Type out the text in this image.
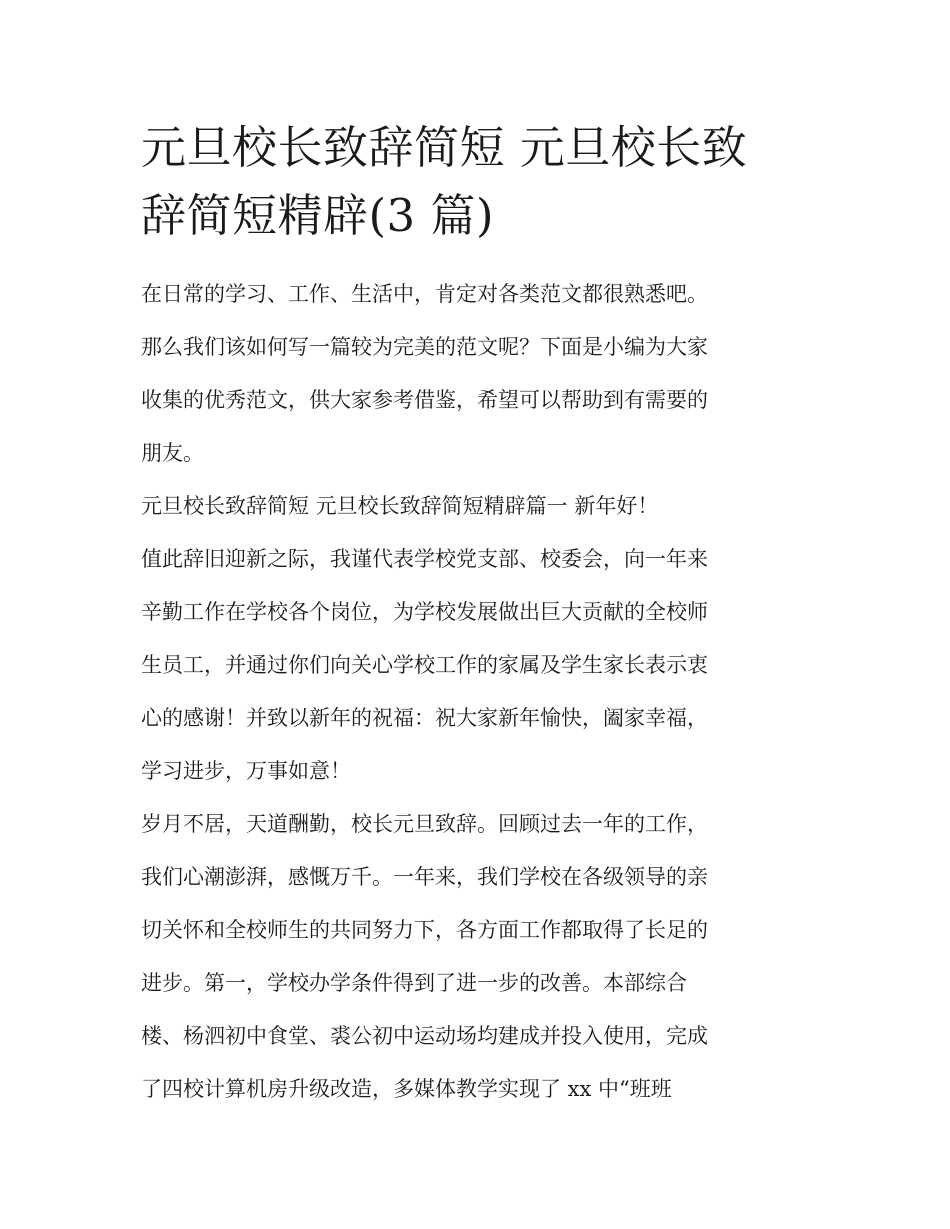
元旦校长致辞简短 元旦校长致
辞简短精辟(3 篇)
在日常的学习、工作、生活中，肯定对各类范文都很熟悉吧。
那么我们该如何写一篇较为完美的范文呢？下面是小编为大家
收集的优秀范文，供大家参考借鉴，希望可以帮助到有需要的
朋友。
元旦校长致辞简短 元旦校长致辞简短精辟篇一 新年好！
值此辞旧迎新之际，我谨代表学校党支部、校委会，向一年来
辛勤工作在学校各个岗位，为学校发展做出巨大贡献的全校师
生员工，并通过你们向关心学校工作的家属及学生家长表示衷
心的感谢！并致以新年的祝福：祝大家新年愉快，阖家幸福，
学习进步，万事如意！
岁月不居，天道酬勤，校长元旦致辞。回顾过去一年的工作，
我们心潮澎湃，感慨万千。一年来，我们学校在各级领导的亲
切关怀和全校师生的共同努力下，各方面工作都取得了长足的
进步。第一，学校办学条件得到了进一步的改善。本部综合
楼、杨泗初中食堂、裘公初中运动场均建成并投入使用，完成
了四校计算机房升级改造，多媒体教学实现了 xx 中“班班
